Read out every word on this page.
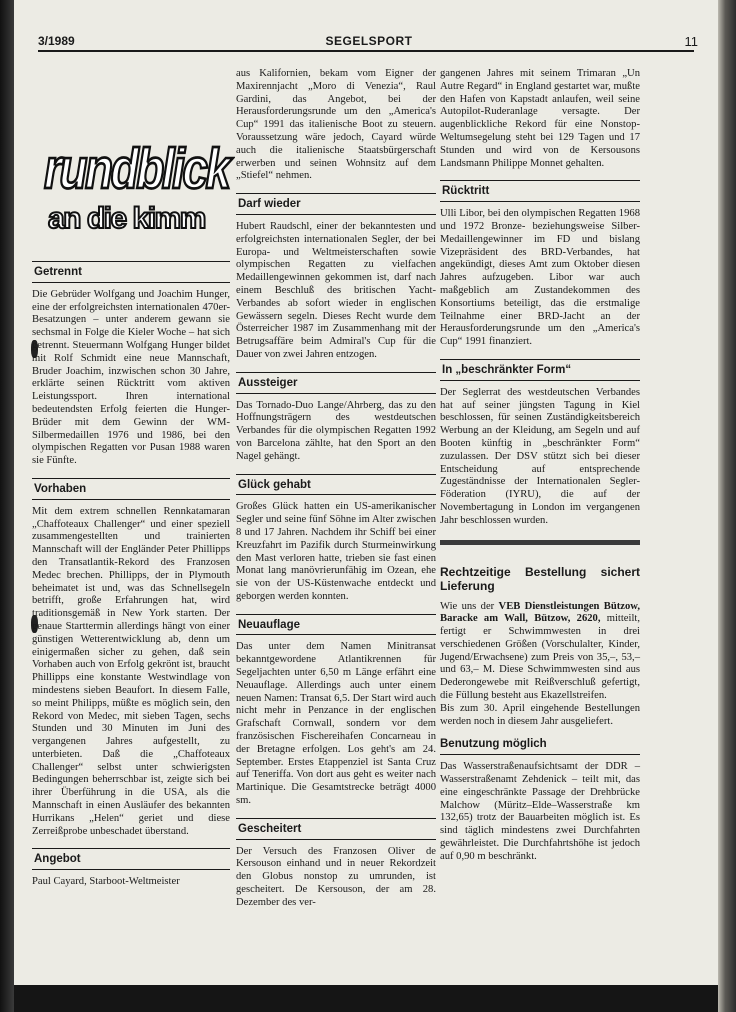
3/1989	SEGELSPORT	11
rundblick
an die kimm
Getrennt

Die Gebrüder Wolfgang und Joachim Hunger, eine der erfolgreichsten internationalen 470er-Besatzungen – unter anderem gewann sie sechsmal in Folge die Kieler Woche – hat sich getrennt. Steuermann Wolfgang Hunger bildet mit Rolf Schmidt eine neue Mannschaft, Bruder Joachim, inzwischen schon 30 Jahre, erklärte seinen Rücktritt vom aktiven Leistungssport. Ihren international bedeutendsten Erfolg feierten die Hunger-Brüder mit dem Gewinn der WM-Silbermedaillen 1976 und 1986, bei den olympischen Regatten vor Pusan 1988 waren sie Fünfte.

Vorhaben

Mit dem extrem schnellen Rennkatamaran „Chaffoteaux Challenger“ und einer speziell zusammengestellten und trainierten Mannschaft will der Engländer Peter Phillipps den Transatlantik-Rekord des Franzosen Medec brechen. Phillipps, der in Plymouth beheimatet ist und, was das Schnellsegeln betrifft, große Erfahrungen hat, wird traditionsgemäß in New York starten. Der genaue Starttermin allerdings hängt von einer günstigen Wetterentwicklung ab, denn um einigermaßen sicher zu gehen, daß sein Vorhaben auch von Erfolg gekrönt ist, braucht Phillipps eine konstante Westwindlage von mindestens sieben Beaufort. In diesem Falle, so meint Philipps, müßte es möglich sein, den Rekord von Medec, mit sieben Tagen, sechs Stunden und 30 Minuten im Juni des vergangenen Jahres aufgestellt, zu unterbieten. Daß die „Chaffoteaux Challenger“ selbst unter schwierigsten Bedingungen beherrschbar ist, zeigte sich bei ihrer Überführung in die USA, als die Mannschaft in einen Ausläufer des bekannten Hurrikans „Helen“ geriet und diese Zerreißprobe unbeschadet überstand.

Angebot

Paul Cayard, Starboot-Weltmeister

aus Kalifornien, bekam vom Eigner der Maxirennjacht „Moro di Venezia“, Raul Gardini, das Angebot, bei der Herausforderungsrunde um den „America's Cup“ 1991 das italienische Boot zu steuern. Voraussetzung wäre jedoch, Cayard würde auch die italienische Staatsbürgerschaft erwerben und seinen Wohnsitz auf dem „Stiefel“ nehmen.

Darf wieder

Hubert Raudschl, einer der bekanntesten und erfolgreichsten internationalen Segler, der bei Europa- und Weltmeisterschaften sowie olympischen Regatten zu vielfachen Medaillengewinnen gekommen ist, darf nach einem Beschluß des britischen Yacht-Verbandes ab sofort wieder in englischen Gewässern segeln. Dieses Recht wurde dem Österreicher 1987 im Zusammenhang mit der Betrugsaffäre beim Admiral's Cup für die Dauer von zwei Jahren entzogen.

Aussteiger

Das Tornado-Duo Lange/Ahrberg, das zu den Hoffnungsträgern des westdeutschen Verbandes für die olympischen Regatten 1992 von Barcelona zählte, hat den Sport an den Nagel gehängt.

Glück gehabt

Großes Glück hatten ein US-amerikanischer Segler und seine fünf Söhne im Alter zwischen 8 und 17 Jahren. Nachdem ihr Schiff bei einer Kreuzfahrt im Pazifik durch Sturmeinwirkung den Mast verloren hatte, trieben sie fast einen Monat lang manövrierunfähig im Ozean, ehe sie von der US-Küstenwache entdeckt und geborgen werden konnten.

Neuauflage

Das unter dem Namen Minitransat bekanntgewordene Atlantikrennen für Segeljachten unter 6,50 m Länge erfährt eine Neuauflage. Allerdings auch unter einem neuen Namen: Transat 6,5. Der Start wird auch nicht mehr in Penzance in der englischen Grafschaft Cornwall, sondern vor dem französischen Fischereihafen Concarneau in der Bretagne erfolgen. Los geht's am 24. September. Erstes Etappenziel ist Santa Cruz auf Teneriffa. Von dort aus geht es weiter nach Martinique. Die Gesamtstrecke beträgt 4000 sm.

Gescheitert

Der Versuch des Franzosen Oliver de Kersouson einhand und in neuer Rekordzeit den Globus nonstop zu umrunden, ist gescheitert. De Kersouson, der am 28. Dezember des ver-

gangenen Jahres mit seinem Trimaran „Un Autre Regard“ in England gestartet war, mußte den Hafen von Kapstadt anlaufen, weil seine Autopilot-Ruderanlage versagte. Der augenblickliche Rekord für eine Nonstop-Weltumsegelung steht bei 129 Tagen und 17 Stunden und wird von de Kersousons Landsmann Philippe Monnet gehalten.

Rücktritt

Ulli Libor, bei den olympischen Regatten 1968 und 1972 Bronze- beziehungsweise Silber-Medaillengewinner im FD und bislang Vizepräsident des BRD-Verbandes, hat angekündigt, dieses Amt zum Oktober diesen Jahres aufzugeben. Libor war auch maßgeblich am Zustandekommen des Konsortiums beteiligt, das die erstmalige Teilnahme einer BRD-Jacht an der Herausforderungsrunde um den „America's Cup“ 1991 finanziert.

In „beschränkter Form“

Der Seglerrat des westdeutschen Verbandes hat auf seiner jüngsten Tagung in Kiel beschlossen, für seinen Zuständigkeitsbereich Werbung an der Kleidung, am Segeln und auf Booten künftig in „beschränkter Form“ zuzulassen. Der DSV stützt sich bei dieser Entscheidung auf entsprechende Zugeständnisse der Internationalen Segler-Föderation (IYRU), die auf der Novembertagung in London im vergangenen Jahr beschlossen wurden.

Rechtzeitige Bestellung sichert Lieferung

Wie uns der VEB Dienstleistungen Bützow, Baracke am Wall, Bützow, 2620, mitteilt, fertigt er Schwimmwesten in drei verschiedenen Größen (Vorschulalter, Kinder, Jugend/Erwachsene) zum Preis von 35,–, 53,– und 63,– M. Diese Schwimmwesten sind aus Dederongewebe mit Reißverschluß gefertigt, die Füllung besteht aus Ekazellstreifen.

Bis zum 30. April eingehende Bestellungen werden noch in diesem Jahr ausgeliefert.

Benutzung möglich

Das Wasserstraßenaufsichtsamt der DDR – Wasserstraßenamt Zehdenick – teilt mit, das eine eingeschränkte Passage der Drehbrücke Malchow (Müritz–Elde–Wasserstraße km 132,65) trotz der Bauarbeiten möglich ist. Es sind täglich mindestens zwei Durchfahrten gewährleistet. Die Durchfahrtshöhe ist jedoch auf 0,90 m beschränkt.
